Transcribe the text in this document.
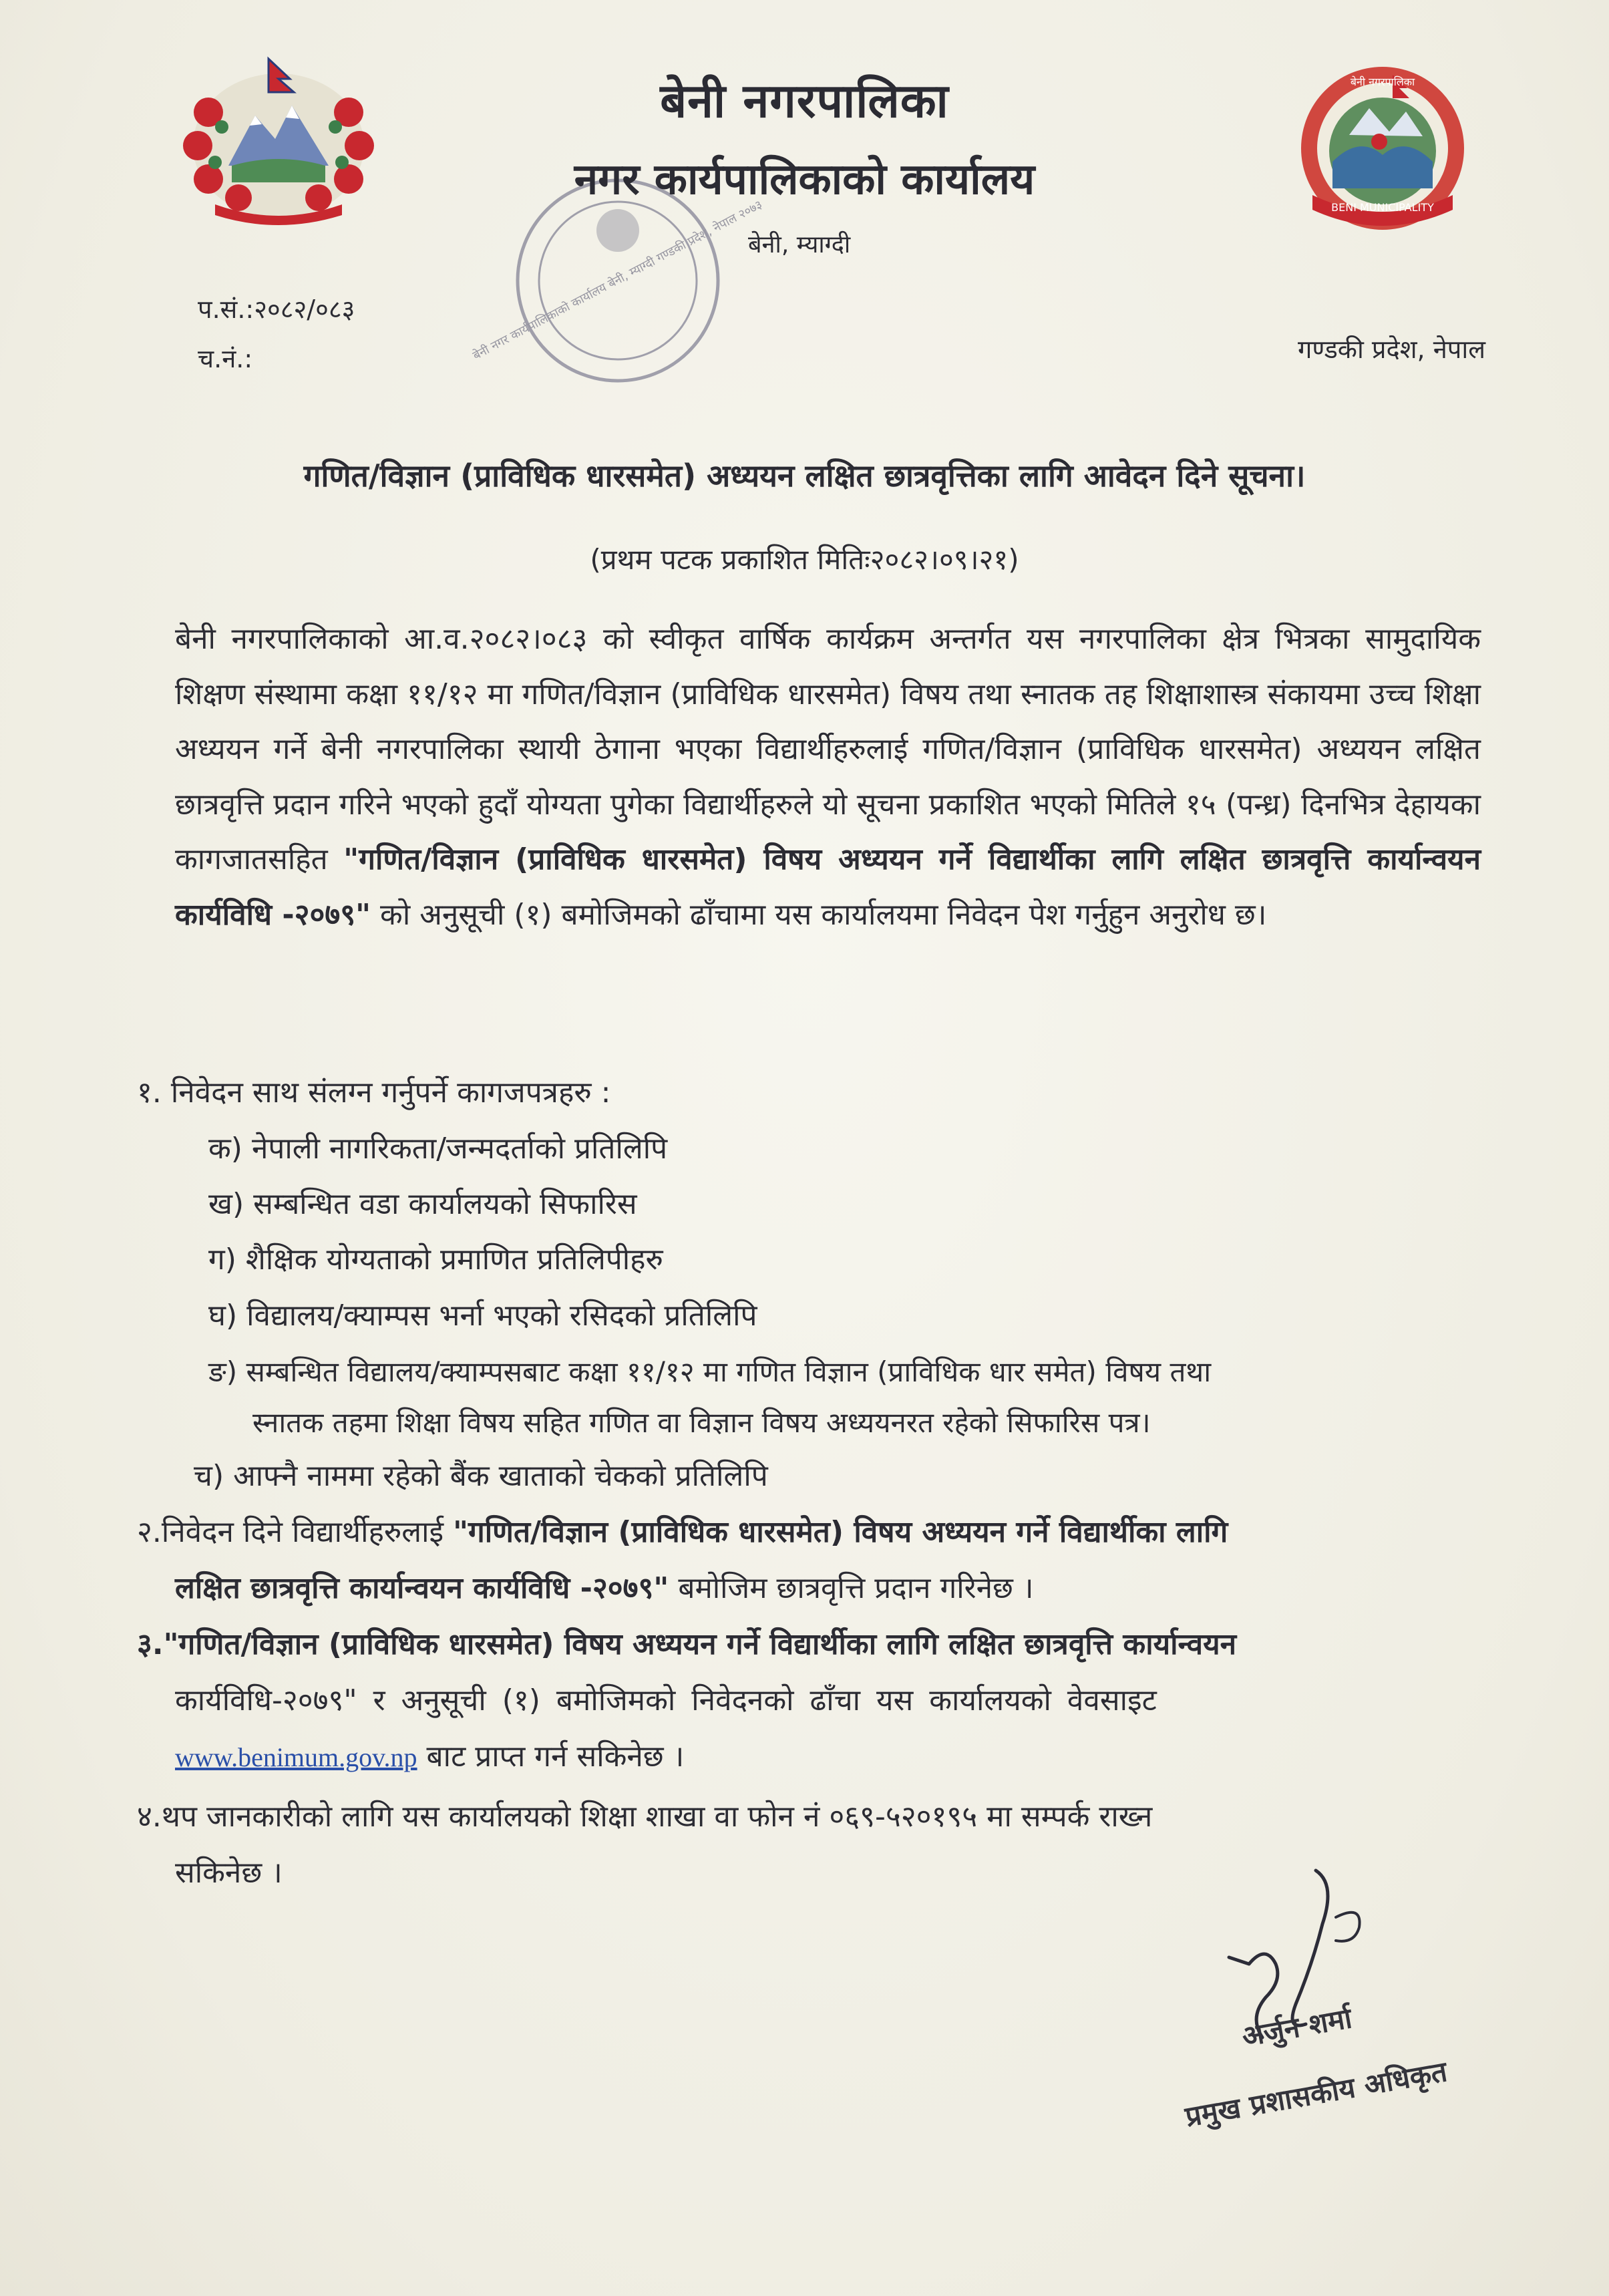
BENI MUNICIPALITY
बेनी नगरपालिका
बेनी नगर कार्यपालिकाको कार्यालय बेनी, म्याग्दी गण्डकी प्रदेश, नेपाल २०७३
बेनी नगरपालिका
नगर कार्यपालिकाको कार्यालय
बेनी, म्याग्दी
प.सं.:२०८२/०८३
च.नं.:	गण्डकी प्रदेश, नेपाल
गणित/विज्ञान (प्राविधिक धारसमेत) अध्ययन लक्षित छात्रवृत्तिका लागि आवेदन दिने सूचना।
(प्रथम पटक प्रकाशित मितिः२०८२।०९।२१)
बेनी नगरपालिकाको आ.व.२०८२।०८३ को स्वीकृत वार्षिक कार्यक्रम अन्तर्गत यस नगरपालिका क्षेत्र भित्रका सामुदायिक शिक्षण संस्थामा कक्षा ११/१२ मा गणित/विज्ञान (प्राविधिक धारसमेत) विषय तथा स्नातक तह शिक्षाशास्त्र संकायमा उच्च शिक्षा अध्ययन गर्ने बेनी नगरपालिका स्थायी ठेगाना भएका विद्यार्थीहरुलाई गणित/विज्ञान (प्राविधिक धारसमेत) अध्ययन लक्षित छात्रवृत्ति प्रदान गरिने भएको हुदाँ योग्यता पुगेका विद्यार्थीहरुले यो सूचना प्रकाशित भएको मितिले १५ (पन्ध्र) दिनभित्र देहायका कागजातसहित "गणित/विज्ञान (प्राविधिक धारसमेत) विषय अध्ययन गर्ने विद्यार्थीका लागि लक्षित छात्रवृत्ति कार्यान्वयन कार्यविधि -२०७९" को अनुसूची (१) बमोजिमको ढाँचामा यस कार्यालयमा निवेदन पेश गर्नुहुन अनुरोध छ।
१. निवेदन साथ संलग्न गर्नुपर्ने कागजपत्रहरु :
क) नेपाली नागरिकता/जन्मदर्ताको प्रतिलिपि
ख) सम्बन्धित वडा कार्यालयको सिफारिस
ग) शैक्षिक योग्यताको प्रमाणित प्रतिलिपीहरु
घ) विद्यालय/क्याम्पस भर्ना भएको रसिदको प्रतिलिपि
ङ) सम्बन्धित विद्यालय/क्याम्पसबाट कक्षा ११/१२ मा गणित विज्ञान (प्राविधिक धार समेत) विषय तथा
स्नातक तहमा शिक्षा विषय सहित गणित वा विज्ञान विषय अध्ययनरत रहेको सिफारिस पत्र।
च) आफ्नै नाममा रहेको बैंक खाताको चेकको प्रतिलिपि
२.निवेदन दिने विद्यार्थीहरुलाई "गणित/विज्ञान (प्राविधिक धारसमेत) विषय अध्ययन गर्ने विद्यार्थीका लागि
लक्षित छात्रवृत्ति कार्यान्वयन कार्यविधि -२०७९" बमोजिम छात्रवृत्ति प्रदान गरिनेछ ।
३."गणित/विज्ञान (प्राविधिक धारसमेत) विषय अध्ययन गर्ने विद्यार्थीका लागि लक्षित छात्रवृत्ति कार्यान्वयन
कार्यविधि-२०७९" र अनुसूची (१) बमोजिमको निवेदनको ढाँचा यस कार्यालयको वेवसाइट
www.benimum.gov.np बाट प्राप्त गर्न सकिनेछ ।
४.थप जानकारीको लागि यस कार्यालयको शिक्षा शाखा वा फोन नं ०६९-५२०१९५ मा सम्पर्क राख्न
सकिनेछ ।
अर्जुन शर्मा
प्रमुख प्रशासकीय अधिकृत
